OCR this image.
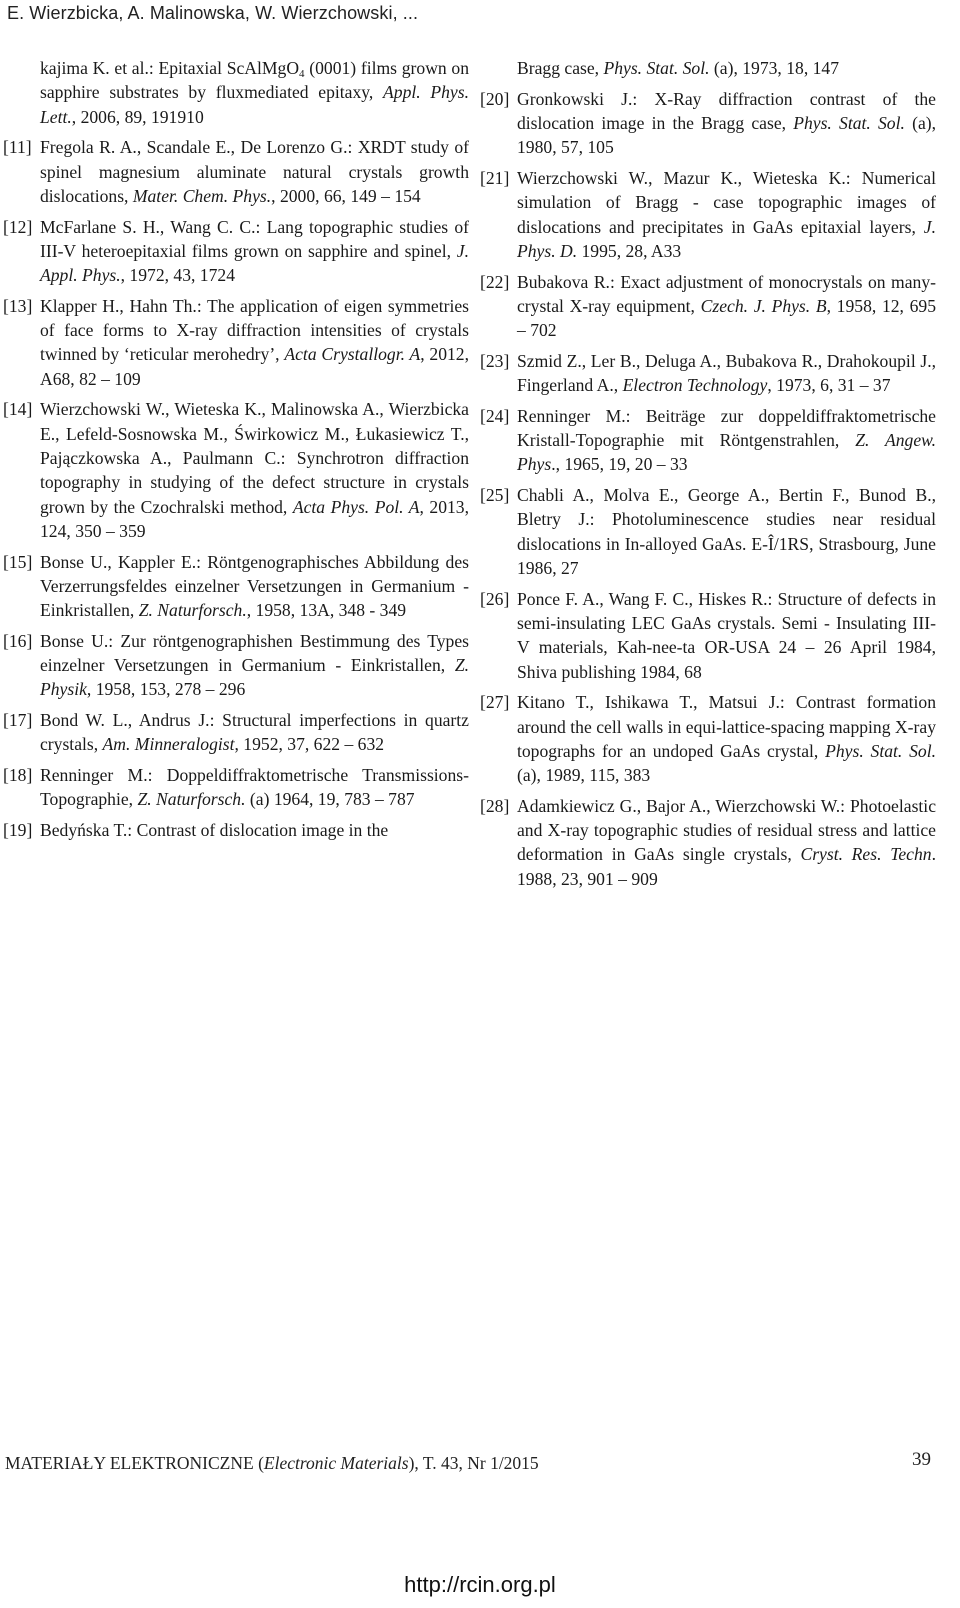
E. Wierzbicka, A. Malinowska, W. Wierzchowski, ...
kajima K. et al.: Epitaxial ScAlMgO$_4$ (0001) films grown on sapphire substrates by fluxmediated epitaxy, Appl. Phys. Lett., 2006, 89, 191910
[11] Fregola R. A., Scandale E., De Lorenzo G.: XRDT study of spinel magnesium aluminate natural crystals growth dislocations, Mater. Chem. Phys., 2000, 66, 149 – 154
[12] McFarlane S. H., Wang C. C.: Lang topographic studies of III-V heteroepitaxial films grown on sapphire and spinel, J. Appl. Phys., 1972, 43, 1724
[13] Klapper H., Hahn Th.: The application of eigen symmetries of face forms to X-ray diffraction intensities of crystals twinned by ‘reticular merohedry’, Acta Crystallogr. A, 2012, A68, 82 – 109
[14] Wierzchowski W., Wieteska K., Malinowska A., Wierzbicka E., Lefeld-Sosnowska M., Świrkowicz M., Łukasiewicz T., Pajączkowska A., Paulmann C.: Synchrotron diffraction topography in studying of the defect structure in crystals grown by the Czochralski method, Acta Phys. Pol. A, 2013, 124, 350 – 359
[15] Bonse U., Kappler E.: Röntgenographisches Abbildung des Verzerrungsfeldes einzelner Versetzungen in Germanium - Einkristallen, Z. Naturforsch., 1958, 13A, 348 - 349
[16] Bonse U.: Zur röntgenographishen Bestimmung des Types einzelner Versetzungen in Germanium - Einkristallen, Z. Physik, 1958, 153, 278 – 296
[17] Bond W. L., Andrus J.: Structural imperfections in quartz crystals, Am. Minneralogist, 1952, 37, 622 – 632
[18] Renninger M.: Doppeldiffraktometrische Transmissions-Topographie, Z. Naturforsch. (a) 1964, 19, 783 – 787
[19] Bedyńska T.: Contrast of dislocation image in the
Bragg case, Phys. Stat. Sol. (a), 1973, 18, 147
[20] Gronkowski J.: X-Ray diffraction contrast of the dislocation image in the Bragg case, Phys. Stat. Sol. (a), 1980, 57, 105
[21] Wierzchowski W., Mazur K., Wieteska K.: Numerical simulation of Bragg - case topographic images of dislocations and precipitates in GaAs epitaxial layers, J. Phys. D. 1995, 28, A33
[22] Bubakova R.: Exact adjustment of monocrystals on many-crystal X-ray equipment, Czech. J. Phys. B, 1958, 12, 695 – 702
[23] Szmid Z., Ler B., Deluga A., Bubakova R., Drahokoupil J., Fingerland A., Electron Technology, 1973, 6, 31 – 37
[24] Renninger M.: Beiträge zur doppeldiffraktometrische Kristall-Topographie mit Röntgenstrahlen, Z. Angew. Phys., 1965, 19, 20 – 33
[25] Chabli A., Molva E., George A., Bertin F., Bunod B., Bletry J.: Photoluminescence studies near residual dislocations in In-alloyed GaAs. E-Î/1RS, Strasbourg, June 1986, 27
[26] Ponce F. A., Wang F. C., Hiskes R.: Structure of defects in semi-insulating LEC GaAs crystals. Semi - Insulating III-V materials, Kah-nee-ta OR-USA 24 – 26 April 1984, Shiva publishing 1984, 68
[27] Kitano T., Ishikawa T., Matsui J.: Contrast formation around the cell walls in equi-lattice-spacing mapping X-ray topographs for an undoped GaAs crystal, Phys. Stat. Sol. (a), 1989, 115, 383
[28] Adamkiewicz G., Bajor A., Wierzchowski W.: Photoelastic and X-ray topographic studies of residual stress and lattice deformation in GaAs single crystals, Cryst. Res. Techn. 1988, 23, 901 – 909
MATERIAŁY ELEKTRONICZNE (Electronic Materials), T. 43, Nr 1/2015	39
http://rcin.org.pl
